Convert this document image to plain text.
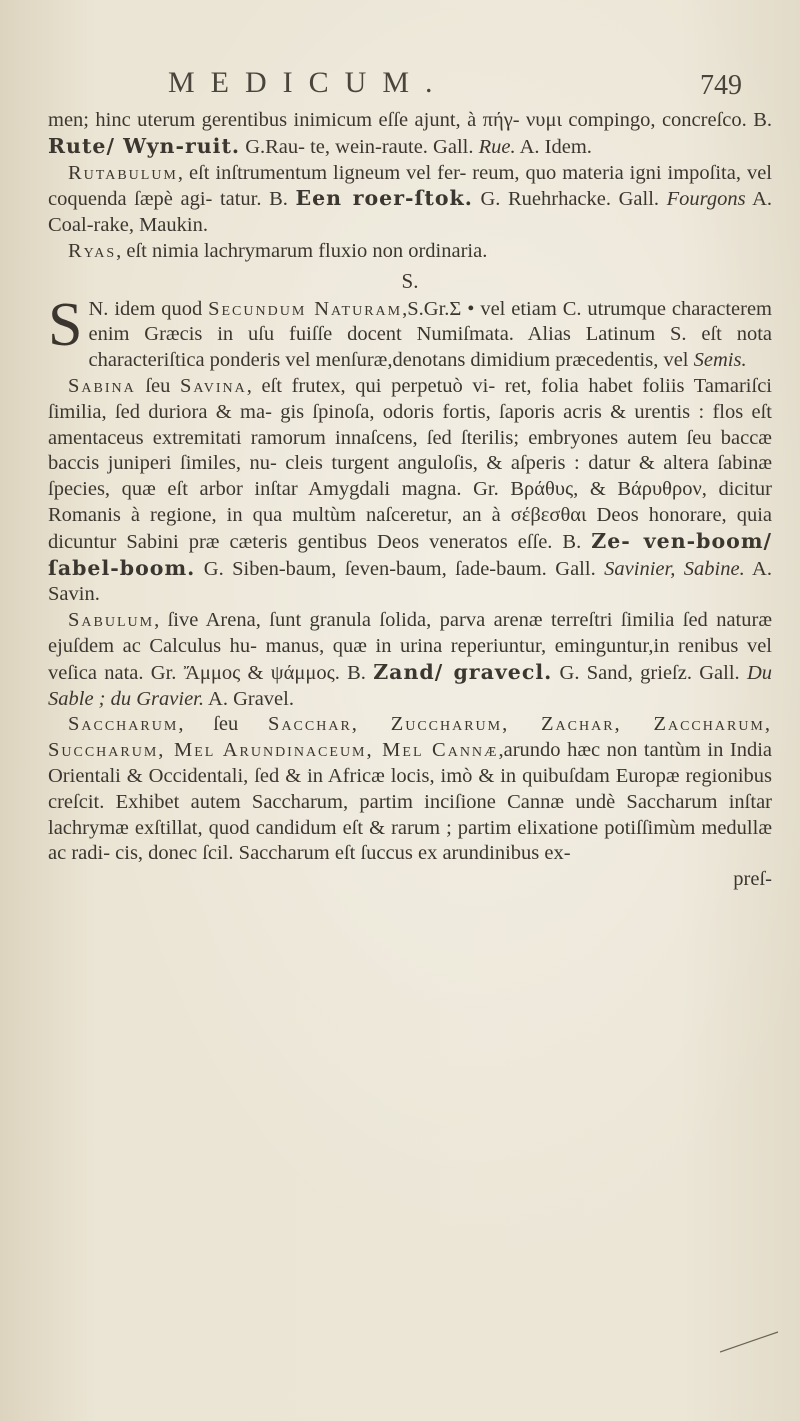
MEDICUM.	749

men; hinc uterum gerentibus inimicum eſſe ajunt, à πήγ- νυμι compingo, concreſco. B. Rute/ Wyn-ruit. G.Rau- te, wein-raute. Gall. Rue. A. Idem.

Rutabulum, eſt inſtrumentum ligneum vel fer- reum, quo materia igni impoſita, vel coquenda ſæpè agi- tatur. B. Een roer-ſtok. G. Ruehrhacke. Gall. Fourgons A. Coal-rake, Maukin.

Ryas, eſt nimia lachrymarum fluxio non ordinaria.

S.

S N. idem quod Secundum Naturam,S.Gr.Σ • vel etiam C. utrumque characterem enim Græcis in uſu fuiſſe docent Numiſmata. Alias Latinum S. eſt nota characteriſtica ponderis vel menſuræ,denotans dimidium præcedentis, vel Semis.

Sabina ſeu Savina, eſt frutex, qui perpetuò vi- ret, folia habet foliis Tamariſci ſimilia, ſed duriora & ma- gis ſpinoſa, odoris fortis, ſaporis acris & urentis : flos eſt amentaceus extremitati ramorum innaſcens, ſed ſterilis; embryones autem ſeu baccæ baccis juniperi ſimiles, nu- cleis turgent anguloſis, & aſperis : datur & altera ſabinæ ſpecies, quæ eſt arbor inſtar Amygdali magna. Gr. Βράθυς, & Βάρυθρον, dicitur Romanis à regione, in qua multùm naſceretur, an à σέβεσθαι Deos honorare, quia dicuntur Sabini præ cæteris gentibus Deos veneratos eſſe. B. Ze- ven-boom/ ſabel-boom. G. Siben-baum, ſeven-baum, ſade-baum. Gall. Savinier, Sabine. A. Savin.

Sabulum, ſive Arena, ſunt granula ſolida, parva arenæ terreſtri ſimilia ſed naturæ ejuſdem ac Calculus hu- manus, quæ in urina reperiuntur, eminguntur,in renibus vel veſica nata. Gr. Ἄμμος & ψάμμος. B. Zand/ gravecl. G. Sand, grieſz. Gall. Du Sable ; du Gravier. A. Gravel.

Saccharum, ſeu Sacchar, Zuccharum, Zachar, Zaccharum, Succharum, Mel Arundinaceum, Mel Cannæ,arundo hæc non tantùm in India Orientali & Occidentali, ſed & in Africæ locis, imò & in quibuſdam Europæ regionibus creſcit. Exhibet autem Saccharum, partim inciſione Cannæ undè Saccharum inſtar lachrymæ exſtillat, quod candidum eſt & rarum ; partim elixatione potiſſimùm medullæ ac radi- cis, donec ſcil. Saccharum eſt ſuccus ex arundinibus ex-

preſ-
